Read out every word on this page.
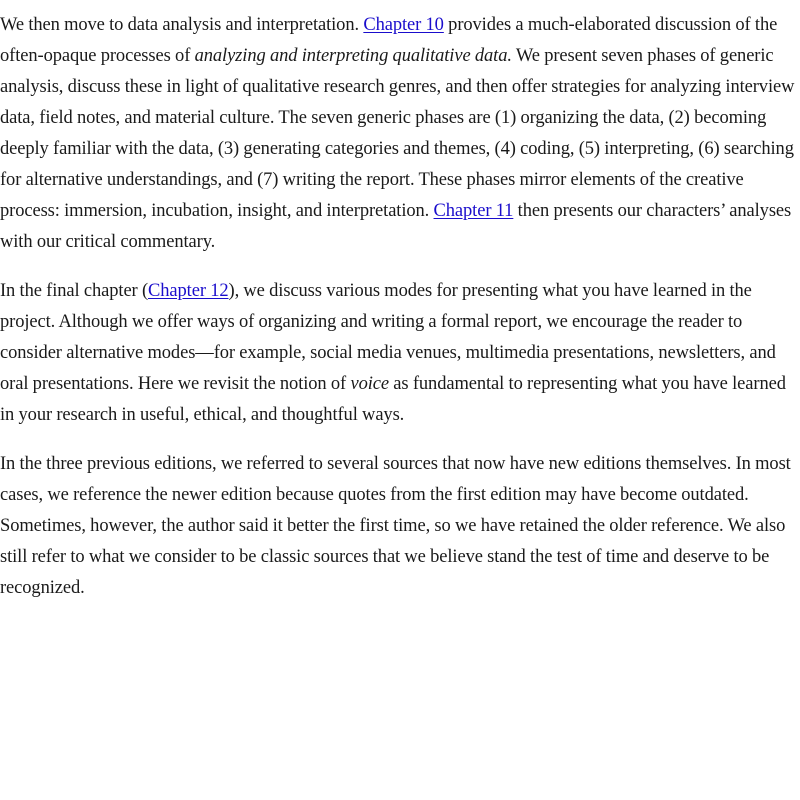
We then move to data analysis and interpretation. Chapter 10 provides a much-elaborated discussion of the often-opaque processes of analyzing and interpreting qualitative data. We present seven phases of generic analysis, discuss these in light of qualitative research genres, and then offer strategies for analyzing interview data, field notes, and material culture. The seven generic phases are (1) organizing the data, (2) becoming deeply familiar with the data, (3) generating categories and themes, (4) coding, (5) interpreting, (6) searching for alternative understandings, and (7) writing the report. These phases mirror elements of the creative process: immersion, incubation, insight, and interpretation. Chapter 11 then presents our characters’ analyses with our critical commentary.

In the final chapter (Chapter 12), we discuss various modes for presenting what you have learned in the project. Although we offer ways of organizing and writing a formal report, we encourage the reader to consider alternative modes—for example, social media venues, multimedia presentations, newsletters, and oral presentations. Here we revisit the notion of voice as fundamental to representing what you have learned in your research in useful, ethical, and thoughtful ways.

In the three previous editions, we referred to several sources that now have new editions themselves. In most cases, we reference the newer edition because quotes from the first edition may have become outdated. Sometimes, however, the author said it better the first time, so we have retained the older reference. We also still refer to what we consider to be classic sources that we believe stand the test of time and deserve to be recognized.
